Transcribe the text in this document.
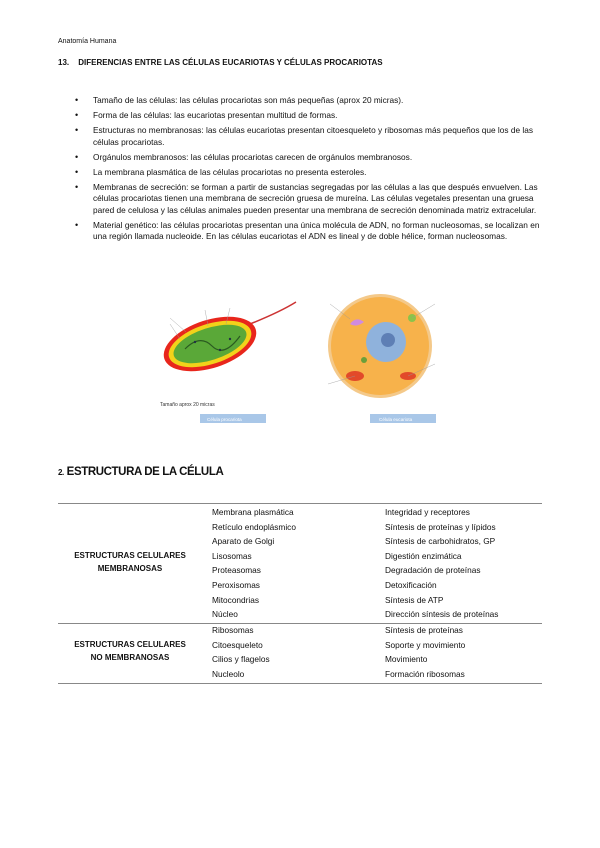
Anatomía Humana
13. DIFERENCIAS ENTRE LAS CÉLULAS EUCARIOTAS Y CÉLULAS PROCARIOTAS
• Tamaño de las células: las células procariotas son más pequeñas (aprox 20 micras).
• Forma de las células: las eucariotas presentan multitud de formas.
• Estructuras no membranosas: las células eucariotas presentan citoesqueleto y ribosomas más pequeños que los de las células procariotas.
• Orgánulos membranosos: las células procariotas carecen de orgánulos membranosos.
• La membrana plasmática de las células procariotas no presenta esteroles.
• Membranas de secreción: se forman a partir de sustancias segregadas por las células a las que después envuelven. Las células procariotas tienen una membrana de secreción gruesa de mureína. Las células vegetales presentan una gruesa pared de celulosa y las células animales pueden presentar una membrana de secreción denominada matriz extracelular.
• Material genético: las células procariotas presentan una única molécula de ADN, no forman nucleosomas, se localizan en una región llamada nucleoide. En las células eucariotas el ADN es lineal y de doble hélice, forman nucleosomas.
Tamaño aprox 20 micras
Célula procariota	Célula eucariota
2. ESTRUCTURA DE LA CÉLULA
ESTRUCTURAS CELULARES
MEMBRANOSAS
Membrana plasmática
Retículo endoplásmico
Aparato de Golgi
Lisosomas
Proteasomas
Peroxisomas
Mitocondrias
Núcleo
Integridad y receptores
Síntesis de proteínas y lípidos
Síntesis de carbohidratos, GP
Digestión enzimática
Degradación de proteínas
Detoxificación
Síntesis de ATP
Dirección síntesis de proteínas
ESTRUCTURAS CELULARES
NO MEMBRANOSAS
Ribosomas
Citoesqueleto
Cilios y flagelos
Nucleolo
Síntesis de proteínas
Soporte y movimiento
Movimiento
Formación ribosomas
